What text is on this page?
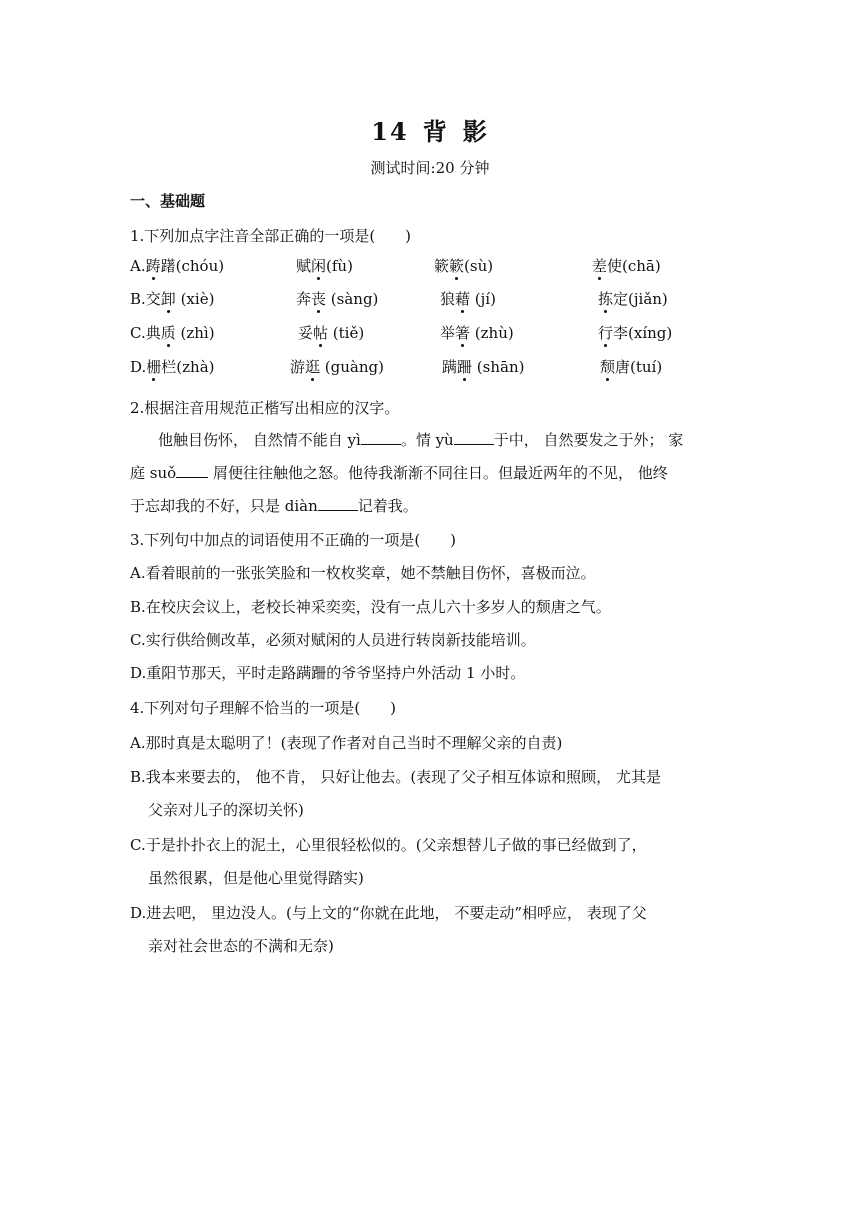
14 背 影
测试时间:20 分钟
一、基础题
1.下列加点字注音全部正确的一项是(　　)
A.踌躇(chóu)	赋闲(fù)	簌簌(sù)	差使(chā)
B.交卸 (xiè)	奔丧 (sàng)	狼藉 (jí)	拣定(jiǎn)
C.典质 (zhì)	妥帖 (tiě)	举箸 (zhù)	行李(xíng)
D.栅栏(zhà)	游逛 (guàng)	蹒跚 (shān)	颓唐(tuí)
2.根据注音用规范正楷写出相应的汉字。
他触目伤怀， 自然情不能自 yì	。情 yù	于中， 自然要发之于外； 家
庭 suǒ 屑便往往触他之怒。他待我渐渐不同往日。但最近两年的不见， 他终
于忘却我的不好，只是 diàn	记着我。
3.下列句中加点的词语使用不正确的一项是(　　)
A.看着眼前的一张张笑脸和一枚枚奖章，她不禁触目伤怀，喜极而泣。
B.在校庆会议上，老校长神采奕奕，没有一点儿六十多岁人的颓唐之气。
C.实行供给侧改革，必须对赋闲的人员进行转岗新技能培训。
D.重阳节那天，平时走路蹒跚的爷爷坚持户外活动 1 小时。
4.下列对句子理解不恰当的一项是(　　)
A.那时真是太聪明了！(表现了作者对自己当时不理解父亲的自责)
B.我本来要去的， 他不肯， 只好让他去。(表现了父子相互体谅和照顾， 尤其是
父亲对儿子的深切关怀)
C.于是扑扑衣上的泥土，心里很轻松似的。(父亲想替儿子做的事已经做到了，
虽然很累，但是他心里觉得踏实)
D.进去吧， 里边没人。(与上文的“你就在此地， 不要走动”相呼应， 表现了父
亲对社会世态的不满和无奈)
